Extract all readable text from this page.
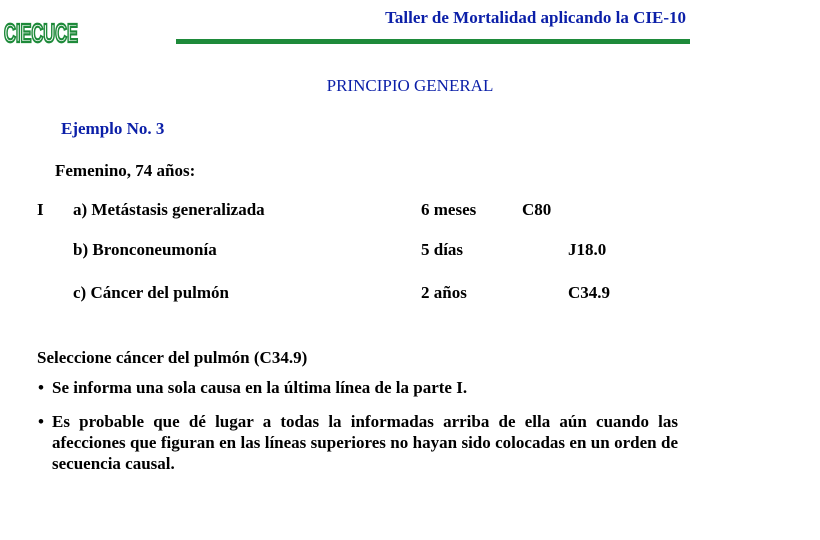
CIECUCE
Taller de Mortalidad aplicando la CIE-10
PRINCIPIO GENERAL
Ejemplo No. 3
Femenino, 74 años:
I a) Metástasis generalizada	6 meses	C80
b) Bronconeumonía	5 días	J18.0
c) Cáncer del pulmón	2 años	C34.9
Seleccione cáncer del pulmón (C34.9)
• Se informa una sola causa en la última línea de la parte I.
• Es probable que dé lugar a todas la informadas arriba de ella aún cuando las afecciones que figuran en las líneas superiores no hayan sido colocadas en un orden de secuencia causal.
